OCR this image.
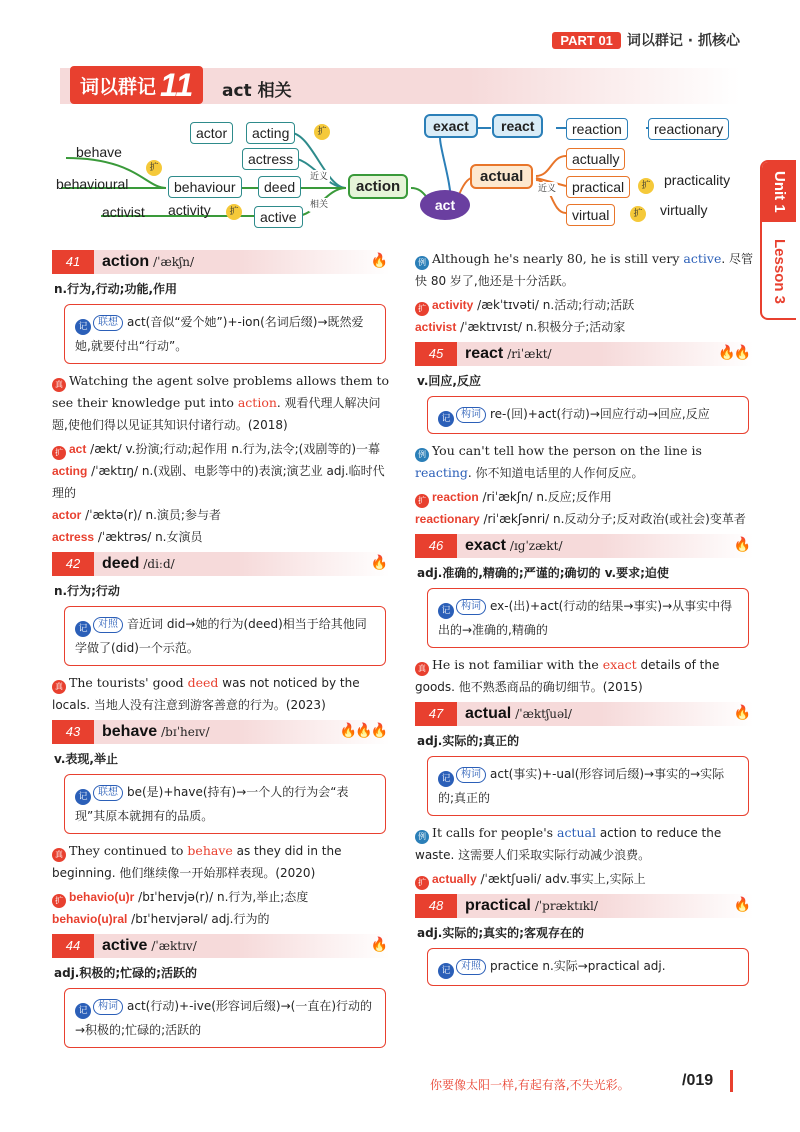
PART 01	词以群记 · 抓核心
词以群记 11 act 相关
behave
behavioural
扩
behaviour	deed
近义
actor	acting	扩
actress
activist activity	扩	active
相关
action
act
exact	react	reaction	reactionary
actual
actually
近义	practical	扩 practicality
virtual	扩 virtually	Unit 1
Lesson 3
41	action /ˈækʃn/	🔥
n.行为,行动;功能,作用
记 联想 act(音似“爱个她”)+-ion(名词后缀)→既然爱她,就要付出“行动”。
真 Watching the agent solve problems allows them to see their knowledge put into action. 观看代理人解决问题,使他们得以见证其知识付诸行动。(2018)
扩 act /ækt/ v.扮演;行动;起作用 n.行为,法令;(戏剧等的)一幕
acting /ˈæktɪŋ/ n.(戏剧、电影等中的)表演;演艺业 adj.临时代理的
actor /ˈæktə(r)/ n.演员;参与者
actress /ˈæktrəs/ n.女演员
42	deed /diːd/	🔥
n.行为;行动
记 对照 音近词 did→她的行为(deed)相当于给其他同学做了(did)一个示范。
真 The tourists' good deed was not noticed by the locals. 当地人没有注意到游客善意的行为。(2023)
43	behave /bɪˈheɪv/	🔥🔥🔥
v.表现,举止
记 联想 be(是)+have(持有)→一个人的行为会“表现”其原本就拥有的品质。
真 They continued to behave as they did in the beginning. 他们继续像一开始那样表现。(2020)
扩 behavio(u)r /bɪˈheɪvjə(r)/ n.行为,举止;态度
behavio(u)ral /bɪˈheɪvjərəl/ adj.行为的
44	active /ˈæktɪv/	🔥
adj.积极的;忙碌的;活跃的
记 构词 act(行动)+-ive(形容词后缀)→(一直在)行动的→积极的;忙碌的;活跃的
例 Although he's nearly 80, he is still very active. 尽管快 80 岁了,他还是十分活跃。
扩 activity /ækˈtɪvəti/ n.活动;行动;活跃
activist /ˈæktɪvɪst/ n.积极分子;活动家
45	react /riˈækt/	🔥🔥
v.回应,反应
记 构词 re-(回)+act(行动)→回应行动→回应,反应
例 You can't tell how the person on the line is reacting. 你不知道电话里的人作何反应。
扩 reaction /riˈækʃn/ n.反应;反作用
reactionary /riˈækʃənri/ n.反动分子;反对政治(或社会)变革者
46	exact /ɪɡˈzækt/	🔥
adj.准确的,精确的;严谨的;确切的 v.要求;迫使
记 构词 ex-(出)+act(行动的结果→事实)→从事实中得出的→准确的,精确的
真 He is not familiar with the exact details of the goods. 他不熟悉商品的确切细节。(2015)
47	actual /ˈæktʃuəl/	🔥
adj.实际的;真正的
记 构词 act(事实)+-ual(形容词后缀)→事实的→实际的;真正的
例 It calls for people's actual action to reduce the waste. 这需要人们采取实际行动减少浪费。
扩 actually /ˈæktʃuəli/ adv.事实上,实际上
48	practical /ˈpræktɪkl/	🔥
adj.实际的;真实的;客观存在的
记 对照 practice n.实际→practical adj.
你要像太阳一样,有起有落,不失光彩。	/019
